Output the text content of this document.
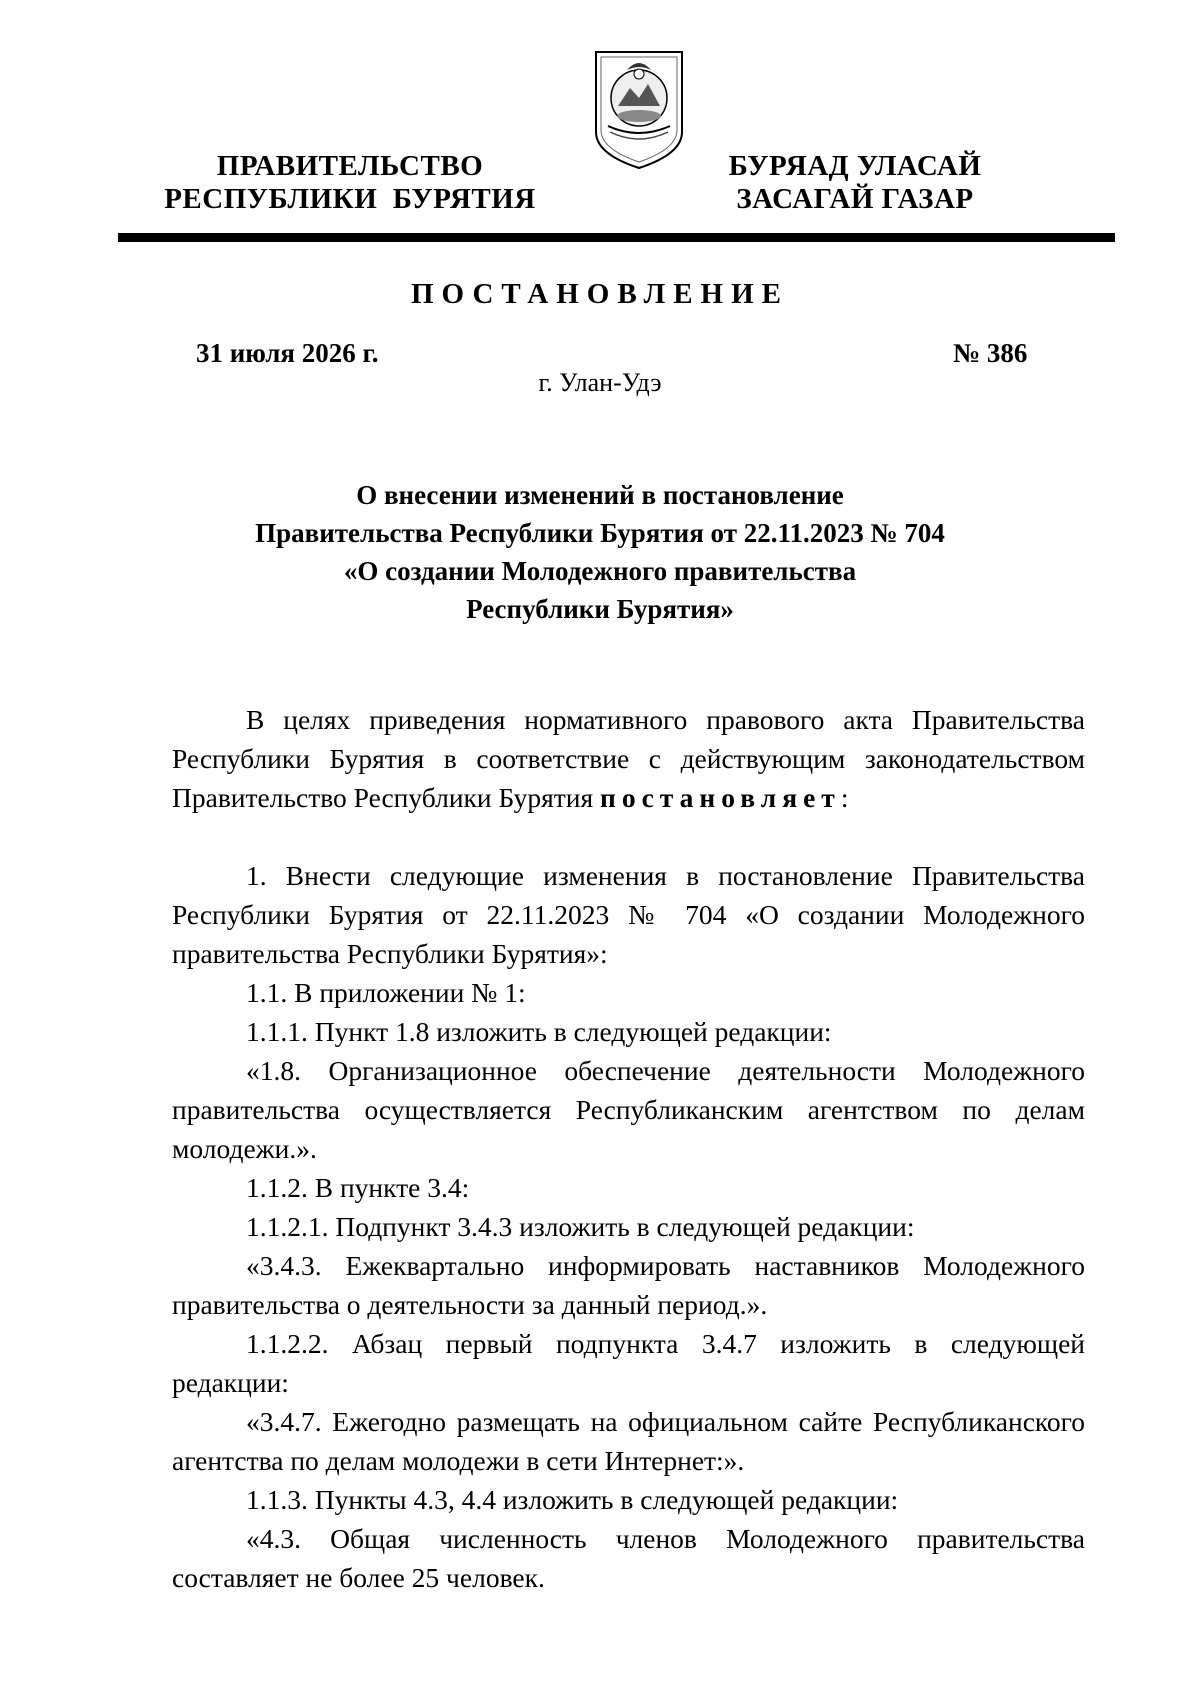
ПРАВИТЕЛЬСТВО
РЕСПУБЛИКИ  БУРЯТИЯ
БУРЯАД УЛАСАЙ
ЗАСАГАЙ ГАЗАР
ПОСТАНОВЛЕНИЕ
31 июля 2026 г.	№ 386
г. Улан-Удэ
О внесении изменений в постановление
Правительства Республики Бурятия от 22.11.2023 № 704
«О создании Молодежного правительства
Республики Бурятия»

В целях приведения нормативного правового акта Правительства Республики Бурятия в соответствие с действующим законодательством Правительство Республики Бурятия постановляет:

1. Внести следующие изменения в постановление Правительства Республики Бурятия от 22.11.2023 № 704 «О создании Молодежного правительства Республики Бурятия»:

1.1. В приложении № 1:

1.1.1. Пункт 1.8 изложить в следующей редакции:

«1.8. Организационное обеспечение деятельности Молодежного правительства осуществляется Республиканским агентством по делам молодежи.».

1.1.2. В пункте 3.4:

1.1.2.1. Подпункт 3.4.3 изложить в следующей редакции:

«3.4.3. Ежеквартально информировать наставников Молодежного правительства о деятельности за данный период.».

1.1.2.2. Абзац первый подпункта 3.4.7 изложить в следующей редакции:

«3.4.7. Ежегодно размещать на официальном сайте Республиканского агентства по делам молодежи в сети Интернет:».

1.1.3. Пункты 4.3, 4.4 изложить в следующей редакции:

«4.3. Общая численность членов Молодежного правительства составляет не более 25 человек.
